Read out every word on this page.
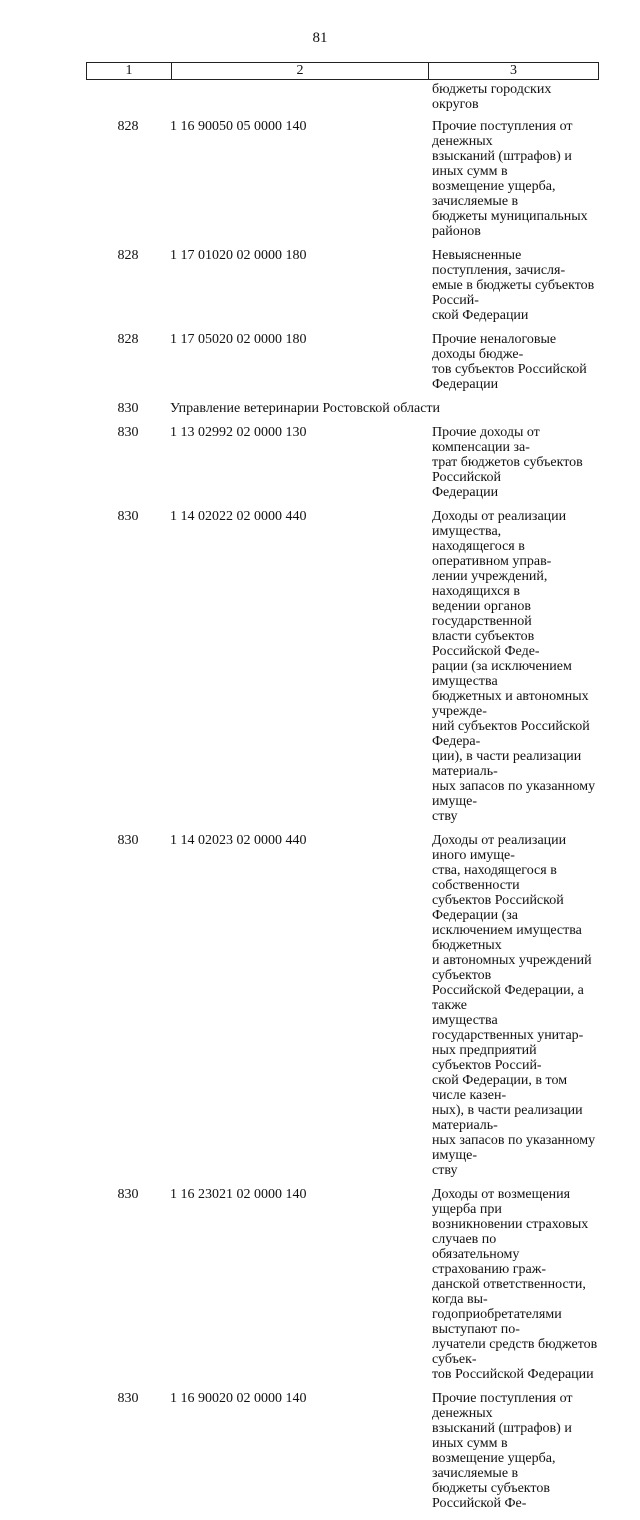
81
1	2	3
бюджеты городских округов
828	1 16 90050 05 0000 140	Прочие поступления от денежных
взысканий (штрафов) и иных сумм в
возмещение ущерба, зачисляемые в
бюджеты муниципальных районов
828	1 17 01020 02 0000 180	Невыясненные поступления, зачисля-
емые в бюджеты субъектов Россий-
ской Федерации
828	1 17 05020 02 0000 180	Прочие неналоговые доходы бюдже-
тов субъектов Российской Федерации
830	Управление ветеринарии Ростовской области
830	1 13 02992 02 0000 130	Прочие доходы от компенсации за-
трат бюджетов субъектов Российской
Федерации
830	1 14 02022 02 0000 440	Доходы от реализации имущества,
находящегося в оперативном управ-
лении учреждений, находящихся в
ведении органов государственной
власти субъектов Российской Феде-
рации (за исключением имущества
бюджетных и автономных учрежде-
ний субъектов Российской Федера-
ции), в части реализации материаль-
ных запасов по указанному имуще-
ству
830	1 14 02023 02 0000 440	Доходы от реализации иного имуще-
ства, находящегося в собственности
субъектов Российской Федерации (за
исключением имущества бюджетных
и автономных учреждений субъектов
Российской Федерации, а также
имущества государственных унитар-
ных предприятий субъектов Россий-
ской Федерации, в том числе казен-
ных), в части реализации материаль-
ных запасов по указанному имуще-
ству
830	1 16 23021 02 0000 140	Доходы от возмещения ущерба при
возникновении страховых случаев по
обязательному страхованию граж-
данской ответственности, когда вы-
годоприобретателями выступают по-
лучатели средств бюджетов субъек-
тов Российской Федерации
830	1 16 90020 02 0000 140	Прочие поступления от денежных
взысканий (штрафов) и иных сумм в
возмещение ущерба, зачисляемые в
бюджеты субъектов Российской Фе-
